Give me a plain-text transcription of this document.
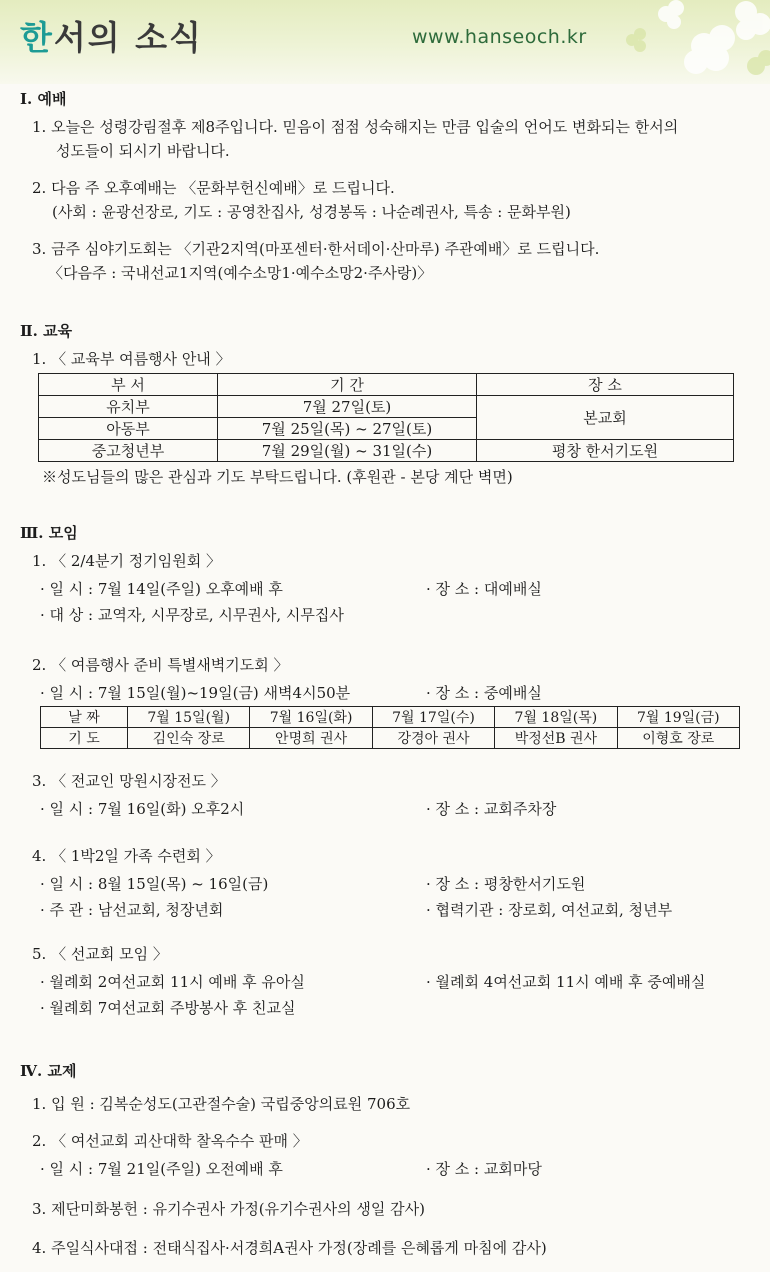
한서의 소식	www.hanseoch.kr
Ⅰ. 예배
1. 오늘은 성령강림절후 제8주입니다. 믿음이 점점 성숙해지는 만큼 입술의 언어도 변화되는 한서의
성도들이 되시기 바랍니다.
2. 다음 주 오후예배는 〈문화부헌신예배〉로 드립니다.
(사회 : 윤광선장로, 기도 : 공영찬집사, 성경봉독 : 나순례권사, 특송 : 문화부원)
3. 금주 심야기도회는 〈기관2지역(마포센터·한서데이·산마루) 주관예배〉로 드립니다.
〈다음주 : 국내선교1지역(예수소망1·예수소망2·주사랑)〉
Ⅱ. 교육
1. 〈 교육부 여름행사 안내 〉
부 서	기 간	장 소
유치부	7월 27일(토)	본교회
아동부	7월 25일(목) ~ 27일(토)	
중고청년부	7월 29일(월) ~ 31일(수)	평창 한서기도원
※성도님들의 많은 관심과 기도 부탁드립니다. (후원관 - 본당 계단 벽면)
Ⅲ. 모임
1. 〈 2/4분기 정기임원회 〉
· 일 시 : 7월 14일(주일) 오후예배 후	· 장 소 : 대예배실
· 대 상 : 교역자, 시무장로, 시무권사, 시무집사
2. 〈 여름행사 준비 특별새벽기도회 〉
· 일 시 : 7월 15일(월)~19일(금) 새벽4시50분	· 장 소 : 중예배실
날 짜	7월 15일(월)	7월 16일(화)	7월 17일(수)	7월 18일(목)	7월 19일(금)
기 도	김인숙 장로	안명희 권사	강경아 권사	박정선B 권사	이형호 장로
3. 〈 전교인 망원시장전도 〉
· 일 시 : 7월 16일(화) 오후2시	· 장 소 : 교회주차장
4. 〈 1박2일 가족 수련회 〉
· 일 시 : 8월 15일(목) ~ 16일(금)	· 장 소 : 평창한서기도원
· 주 관 : 남선교회, 청장년회	· 협력기관 : 장로회, 여선교회, 청년부
5. 〈 선교회 모임 〉
· 월례회 2여선교회 11시 예배 후 유아실	· 월례회 4여선교회 11시 예배 후 중예배실
· 월례회 7여선교회 주방봉사 후 친교실
Ⅳ. 교제
1. 입 원 : 김복순성도(고관절수술) 국립중앙의료원 706호
2. 〈 여선교회 괴산대학 찰옥수수 판매 〉
· 일 시 : 7월 21일(주일) 오전예배 후	· 장 소 : 교회마당
3. 제단미화봉헌 : 유기수권사 가정(유기수권사의 생일 감사)
4. 주일식사대접 : 전태식집사·서경희A권사 가정(장례를 은혜롭게 마침에 감사)
